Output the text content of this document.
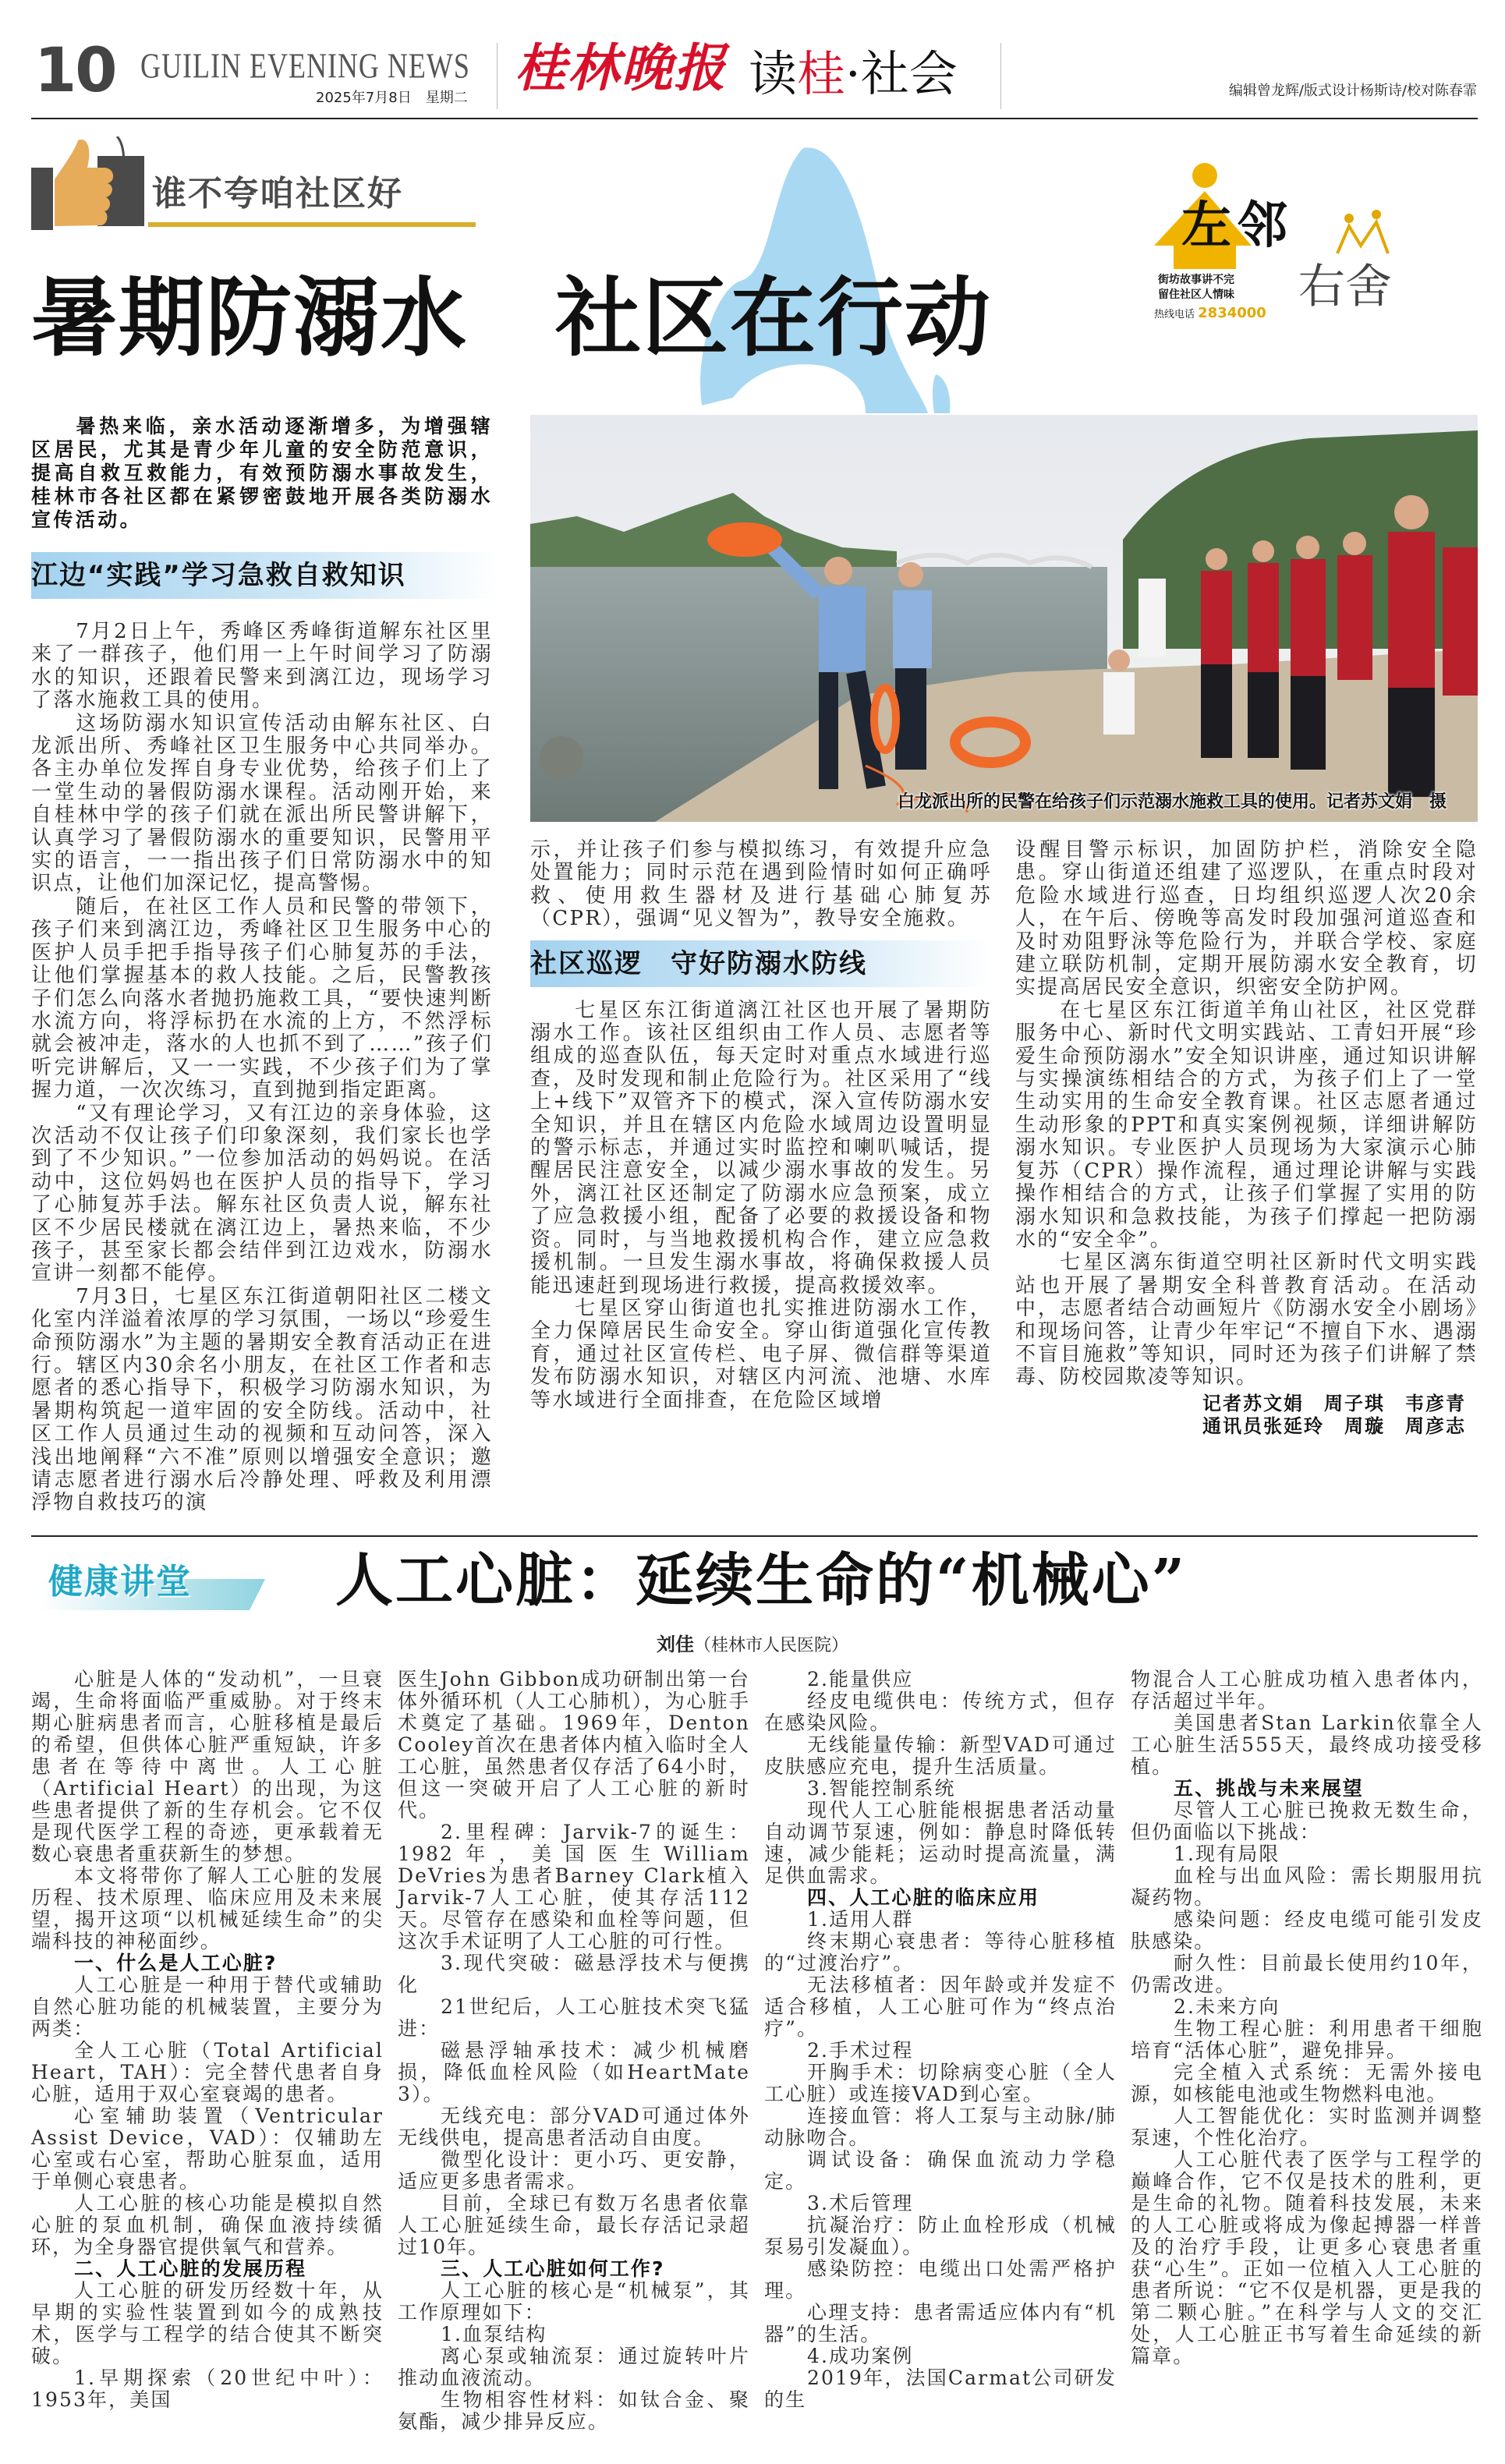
10 GUILIN EVENING NEWS
2025年7月8日　星期二 桂林晚报 读桂·社会	编辑曾龙辉/版式设计杨斯诗/校对陈春霏
谁不夸咱社区好
左邻
右舍
街坊故事讲不完
留住社区人情味
热线电话 2834000
暑期防溺水　社区在行动
暑热来临，亲水活动逐渐增多，为增强辖区居民，尤其是青少年儿童的安全防范意识，提高自救互救能力，有效预防溺水事故发生，桂林市各社区都在紧锣密鼓地开展各类防溺水宣传活动。
江边“实践”学习急救自救知识

7月2日上午，秀峰区秀峰街道解东社区里来了一群孩子，他们用一上午时间学习了防溺水的知识，还跟着民警来到漓江边，现场学习了落水施救工具的使用。

这场防溺水知识宣传活动由解东社区、白龙派出所、秀峰社区卫生服务中心共同举办。各主办单位发挥自身专业优势，给孩子们上了一堂生动的暑假防溺水课程。活动刚开始，来自桂林中学的孩子们就在派出所民警讲解下，认真学习了暑假防溺水的重要知识，民警用平实的语言，一一指出孩子们日常防溺水中的知识点，让他们加深记忆，提高警惕。

随后，在社区工作人员和民警的带领下，孩子们来到漓江边，秀峰社区卫生服务中心的医护人员手把手指导孩子们心肺复苏的手法，让他们掌握基本的救人技能。之后，民警教孩子们怎么向落水者抛扔施救工具，“要快速判断水流方向，将浮标扔在水流的上方，不然浮标就会被冲走，落水的人也抓不到了……”孩子们听完讲解后，又一一实践，不少孩子们为了掌握力道，一次次练习，直到抛到指定距离。

“又有理论学习，又有江边的亲身体验，这次活动不仅让孩子们印象深刻，我们家长也学到了不少知识。”一位参加活动的妈妈说。在活动中，这位妈妈也在医护人员的指导下，学习了心肺复苏手法。解东社区负责人说，解东社区不少居民楼就在漓江边上，暑热来临，不少孩子，甚至家长都会结伴到江边戏水，防溺水宣讲一刻都不能停。

7月3日，七星区东江街道朝阳社区二楼文化室内洋溢着浓厚的学习氛围，一场以“珍爱生命预防溺水”为主题的暑期安全教育活动正在进行。辖区内30余名小朋友，在社区工作者和志愿者的悉心指导下，积极学习防溺水知识，为暑期构筑起一道牢固的安全防线。活动中，社区工作人员通过生动的视频和互动问答，深入浅出地阐释“六不准”原则以增强安全意识；邀请志愿者进行溺水后冷静处理、呼救及利用漂浮物自救技巧的演

白龙派出所的民警在给孩子们示范溺水施救工具的使用。记者苏文娟　摄

示，并让孩子们参与模拟练习，有效提升应急处置能力；同时示范在遇到险情时如何正确呼救、使用救生器材及进行基础心肺复苏（CPR），强调“见义智为”，教导安全施救。

社区巡逻　守好防溺水防线

七星区东江街道漓江社区也开展了暑期防溺水工作。该社区组织由工作人员、志愿者等组成的巡查队伍，每天定时对重点水域进行巡查，及时发现和制止危险行为。社区采用了“线上+线下”双管齐下的模式，深入宣传防溺水安全知识，并且在辖区内危险水域周边设置明显的警示标志，并通过实时监控和喇叭喊话，提醒居民注意安全，以减少溺水事故的发生。另外，漓江社区还制定了防溺水应急预案，成立了应急救援小组，配备了必要的救援设备和物资。同时，与当地救援机构合作，建立应急救援机制。一旦发生溺水事故，将确保救援人员能迅速赶到现场进行救援，提高救援效率。

七星区穿山街道也扎实推进防溺水工作，全力保障居民生命安全。穿山街道强化宣传教育，通过社区宣传栏、电子屏、微信群等渠道发布防溺水知识，对辖区内河流、池塘、水库等水域进行全面排查，在危险区域增

设醒目警示标识，加固防护栏，消除安全隐患。穿山街道还组建了巡逻队，在重点时段对危险水域进行巡查，日均组织巡逻人次20余人，在午后、傍晚等高发时段加强河道巡查和及时劝阻野泳等危险行为，并联合学校、家庭建立联防机制，定期开展防溺水安全教育，切实提高居民安全意识，织密安全防护网。

在七星区东江街道羊角山社区，社区党群服务中心、新时代文明实践站、工青妇开展“珍爱生命预防溺水”安全知识讲座，通过知识讲解与实操演练相结合的方式，为孩子们上了一堂生动实用的生命安全教育课。社区志愿者通过生动形象的PPT和真实案例视频，详细讲解防溺水知识。专业医护人员现场为大家演示心肺复苏（CPR）操作流程，通过理论讲解与实践操作相结合的方式，让孩子们掌握了实用的防溺水知识和急救技能，为孩子们撑起一把防溺水的“安全伞”。

七星区漓东街道空明社区新时代文明实践站也开展了暑期安全科普教育活动。在活动中，志愿者结合动画短片《防溺水安全小剧场》和现场问答，让青少年牢记“不擅自下水、遇溺不盲目施救”等知识，同时还为孩子们讲解了禁毒、防校园欺凌等知识。

记者苏文娟　周子琪　韦彦青
通讯员张延玲　周璇　周彦志
健康讲堂 人工心脏：延续生命的“机械心”
刘佳（桂林市人民医院）

心脏是人体的“发动机”，一旦衰竭，生命将面临严重威胁。对于终末期心脏病患者而言，心脏移植是最后的希望，但供体心脏严重短缺，许多患者在等待中离世。人工心脏（Artificial Heart）的出现，为这些患者提供了新的生存机会。它不仅是现代医学工程的奇迹，更承载着无数心衰患者重获新生的梦想。

本文将带你了解人工心脏的发展历程、技术原理、临床应用及未来展望，揭开这项“以机械延续生命”的尖端科技的神秘面纱。

一、什么是人工心脏?

人工心脏是一种用于替代或辅助自然心脏功能的机械装置，主要分为两类：

全人工心脏（Total Artificial Heart，TAH）：完全替代患者自身心脏，适用于双心室衰竭的患者。

心室辅助装置（Ventricular Assist Device，VAD）：仅辅助左心室或右心室，帮助心脏泵血，适用于单侧心衰患者。

人工心脏的核心功能是模拟自然心脏的泵血机制，确保血液持续循环，为全身器官提供氧气和营养。

二、人工心脏的发展历程

人工心脏的研发历经数十年，从早期的实验性装置到如今的成熟技术，医学与工程学的结合使其不断突破。

1.早期探索（20世纪中叶）：1953年，美国

医生John Gibbon成功研制出第一台体外循环机（人工心肺机），为心脏手术奠定了基础。1969年，Denton Cooley首次在患者体内植入临时全人工心脏，虽然患者仅存活了64小时，但这一突破开启了人工心脏的新时代。

2.里程碑：Jarvik-7的诞生：1982年，美国医生William DeVries为患者Barney Clark植入Jarvik-7人工心脏，使其存活112天。尽管存在感染和血栓等问题，但这次手术证明了人工心脏的可行性。

3.现代突破：磁悬浮技术与便携化

21世纪后，人工心脏技术突飞猛进：

磁悬浮轴承技术：减少机械磨损，降低血栓风险（如HeartMate 3）。

无线充电：部分VAD可通过体外无线供电，提高患者活动自由度。

微型化设计：更小巧、更安静，适应更多患者需求。

目前，全球已有数万名患者依靠人工心脏延续生命，最长存活记录超过10年。

三、人工心脏如何工作?

人工心脏的核心是“机械泵”，其工作原理如下：

1.血泵结构

离心泵或轴流泵：通过旋转叶片推动血液流动。

生物相容性材料：如钛合金、聚氨酯，减少排异反应。

2.能量供应

经皮电缆供电：传统方式，但存在感染风险。

无线能量传输：新型VAD可通过皮肤感应充电，提升生活质量。

3.智能控制系统

现代人工心脏能根据患者活动量自动调节泵速，例如：静息时降低转速，减少能耗；运动时提高流量，满足供血需求。

四、人工心脏的临床应用

1.适用人群

终末期心衰患者：等待心脏移植的“过渡治疗”。

无法移植者：因年龄或并发症不适合移植，人工心脏可作为“终点治疗”。

2.手术过程

开胸手术：切除病变心脏（全人工心脏）或连接VAD到心室。

连接血管：将人工泵与主动脉/肺动脉吻合。

调试设备：确保血流动力学稳定。

3.术后管理

抗凝治疗：防止血栓形成（机械泵易引发凝血）。

感染防控：电缆出口处需严格护理。

心理支持：患者需适应体内有“机器”的生活。

4.成功案例

2019年，法国Carmat公司研发的生

物混合人工心脏成功植入患者体内，存活超过半年。

美国患者Stan Larkin依靠全人工心脏生活555天，最终成功接受移植。

五、挑战与未来展望

尽管人工心脏已挽救无数生命，但仍面临以下挑战：

1.现有局限

血栓与出血风险：需长期服用抗凝药物。

感染问题：经皮电缆可能引发皮肤感染。

耐久性：目前最长使用约10年，仍需改进。

2.未来方向

生物工程心脏：利用患者干细胞培育“活体心脏”，避免排异。

完全植入式系统：无需外接电源，如核能电池或生物燃料电池。

人工智能优化：实时监测并调整泵速，个性化治疗。

人工心脏代表了医学与工程学的巅峰合作，它不仅是技术的胜利，更是生命的礼物。随着科技发展，未来的人工心脏或将成为像起搏器一样普及的治疗手段，让更多心衰患者重获“心生”。正如一位植入人工心脏的患者所说：“它不仅是机器，更是我的第二颗心脏。”在科学与人文的交汇处，人工心脏正书写着生命延续的新篇章。
